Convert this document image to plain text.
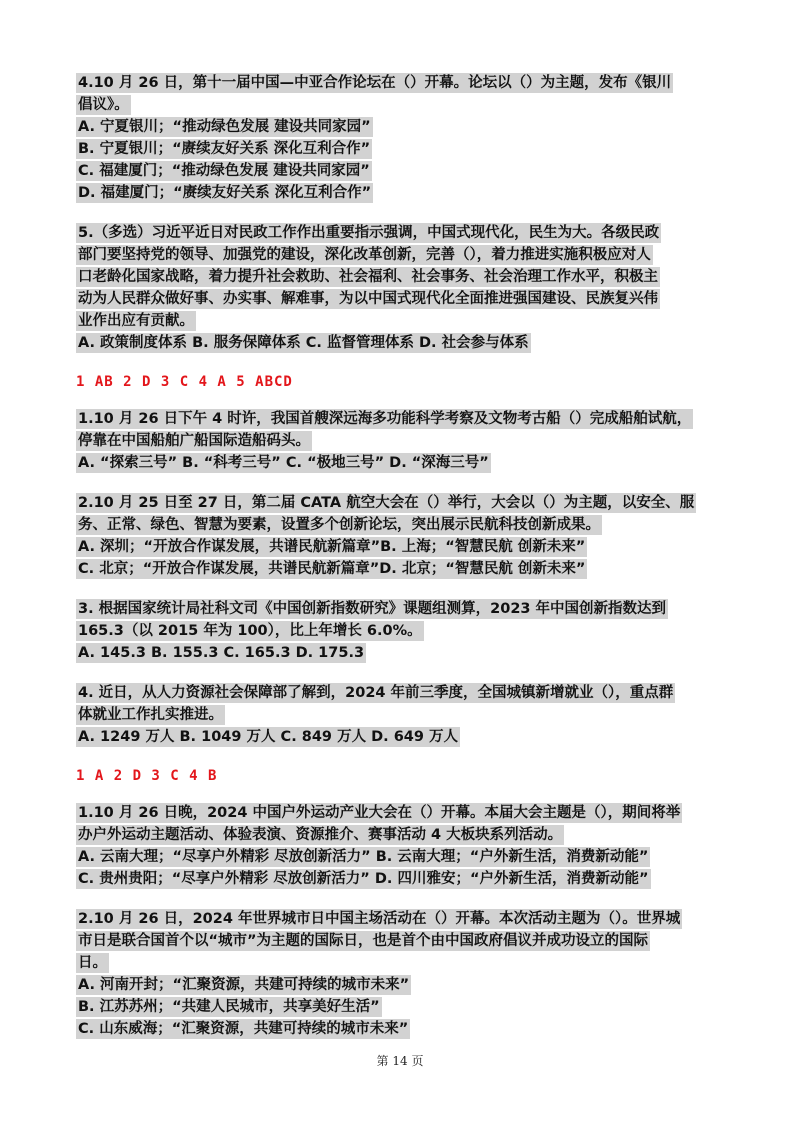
4.10 月 26 日，第十一届中国—中亚合作论坛在（）开幕。论坛以（）为主题，发布《银川
倡议》。
A. 宁夏银川；“推动绿色发展 建设共同家园”
B. 宁夏银川；“赓续友好关系 深化互利合作”
C. 福建厦门；“推动绿色发展 建设共同家园”
D. 福建厦门；“赓续友好关系 深化互利合作”
5.（多选）习近平近日对民政工作作出重要指示强调，中国式现代化，民生为大。各级民政
部门要坚持党的领导、加强党的建设，深化改革创新，完善（），着力推进实施积极应对人
口老龄化国家战略，着力提升社会救助、社会福利、社会事务、社会治理工作水平，积极主
动为人民群众做好事、办实事、解难事，为以中国式现代化全面推进强国建设、民族复兴伟
业作出应有贡献。
A. 政策制度体系 B. 服务保障体系 C. 监督管理体系 D. 社会参与体系
1 AB 2 D 3 C 4 A 5 ABCD
1.10 月 26 日下午 4 时许，我国首艘深远海多功能科学考察及文物考古船（）完成船舶试航，
停靠在中国船舶广船国际造船码头。
A. “探索三号” B. “科考三号” C. “极地三号” D. “深海三号”
2.10 月 25 日至 27 日，第二届 CATA 航空大会在（）举行，大会以（）为主题，以安全、服
务、正常、绿色、智慧为要素，设置多个创新论坛，突出展示民航科技创新成果。
A. 深圳；“开放合作谋发展，共谱民航新篇章”B. 上海；“智慧民航 创新未来”
C. 北京；“开放合作谋发展，共谱民航新篇章”D. 北京；“智慧民航 创新未来”
3. 根据国家统计局社科文司《中国创新指数研究》课题组测算，2023 年中国创新指数达到
165.3（以 2015 年为 100），比上年增长 6.0%。
A. 145.3 B. 155.3 C. 165.3 D. 175.3
4. 近日，从人力资源社会保障部了解到，2024 年前三季度，全国城镇新增就业（），重点群
体就业工作扎实推进。
A. 1249 万人 B. 1049 万人 C. 849 万人 D. 649 万人
1 A 2 D 3 C 4 B
1.10 月 26 日晚，2024 中国户外运动产业大会在（）开幕。本届大会主题是（），期间将举
办户外运动主题活动、体验表演、资源推介、赛事活动 4 大板块系列活动。
A. 云南大理；“尽享户外精彩 尽放创新活力” B. 云南大理；“户外新生活，消费新动能”
C. 贵州贵阳；“尽享户外精彩 尽放创新活力” D. 四川雅安；“户外新生活，消费新动能”
2.10 月 26 日，2024 年世界城市日中国主场活动在（）开幕。本次活动主题为（）。世界城
市日是联合国首个以“城市”为主题的国际日，也是首个由中国政府倡议并成功设立的国际
日。
A. 河南开封；“汇聚资源，共建可持续的城市未来”
B. 江苏苏州；“共建人民城市，共享美好生活”
C. 山东威海；“汇聚资源，共建可持续的城市未来”
第 14 页
